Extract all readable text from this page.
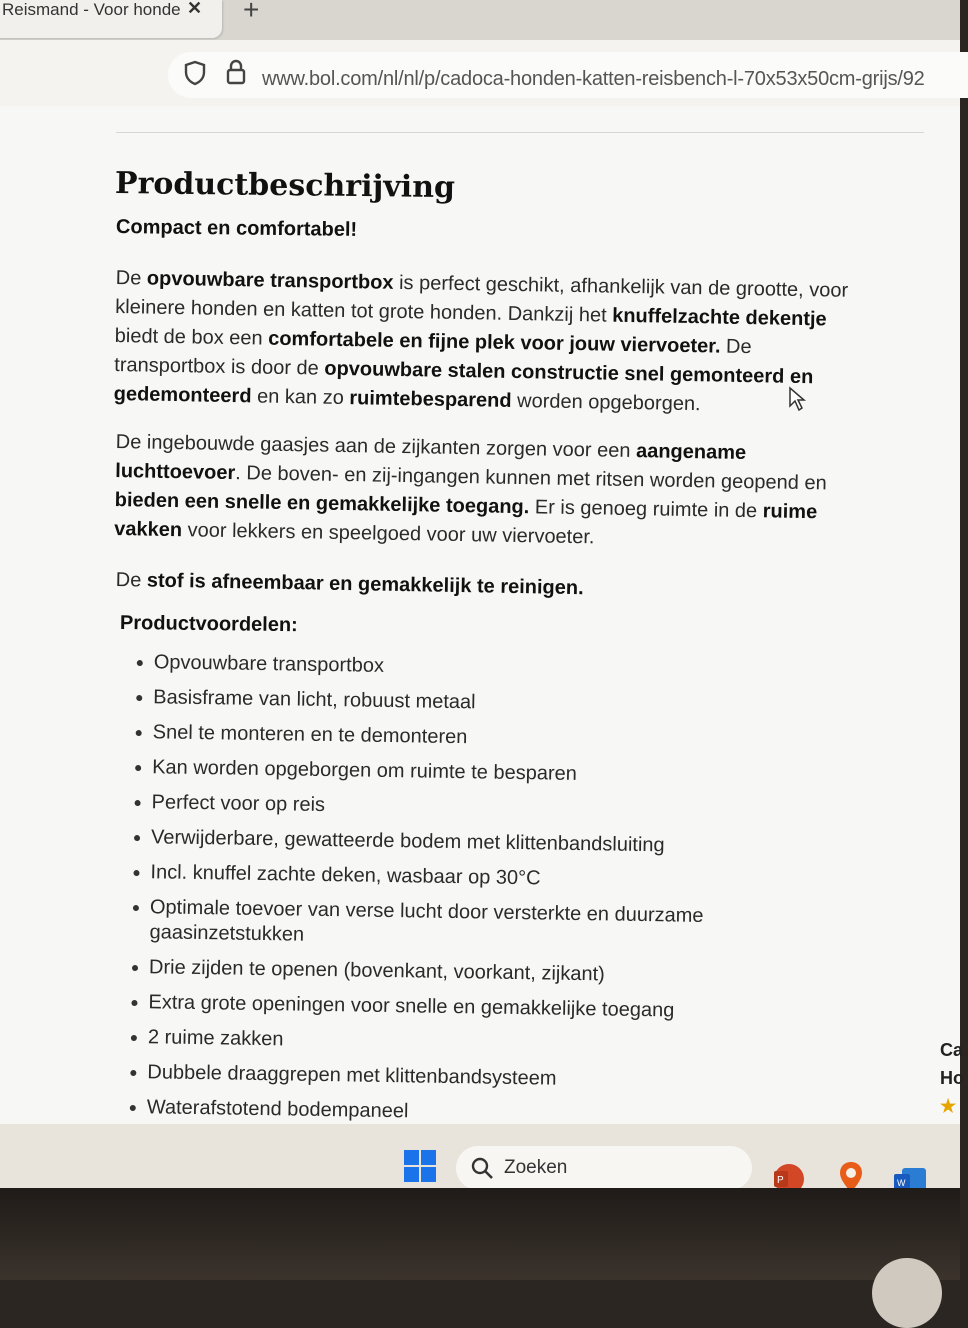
Reismand - Voor honde ✕ +
www.bol.com/nl/nl/p/cadoca-honden-katten-reisbench-l-70x53x50cm-grijs/92
Productbeschrijving
Compact en comfortabel!

De opvouwbare transportbox is perfect geschikt, afhankelijk van de grootte, voor kleinere honden en katten tot grote honden. Dankzij het knuffelzachte dekentje biedt de box een comfortabele en fijne plek voor jouw viervoeter. De transportbox is door de opvouwbare stalen constructie snel gemonteerd en gedemonteerd en kan zo ruimtebesparend worden opgeborgen.

De ingebouwde gaasjes aan de zijkanten zorgen voor een aangename luchttoevoer. De boven- en zij-ingangen kunnen met ritsen worden geopend en bieden een snelle en gemakkelijke toegang. Er is genoeg ruimte in de ruime vakken voor lekkers en speelgoed voor uw viervoeter.

De stof is afneembaar en gemakkelijk te reinigen.

Productvoordelen:
Opvouwbare transportbox
Basisframe van licht, robuust metaal
Snel te monteren en te demonteren
Kan worden opgeborgen om ruimte te besparen
Perfect voor op reis
Verwijderbare, gewatteerde bodem met klittenbandsluiting
Incl. knuffel zachte deken, wasbaar op 30°C
Optimale toevoer van verse lucht door versterkte en duurzame gaasinzetstukken
Drie zijden te openen (bovenkant, voorkant, zijkant)
Extra grote openingen voor snelle en gemakkelijke toegang
2 ruime zakken
Dubbele draaggrepen met klittenbandsysteem
Waterafstotend bodempaneel
Ca
Ho
★
Zoeken
P	W
